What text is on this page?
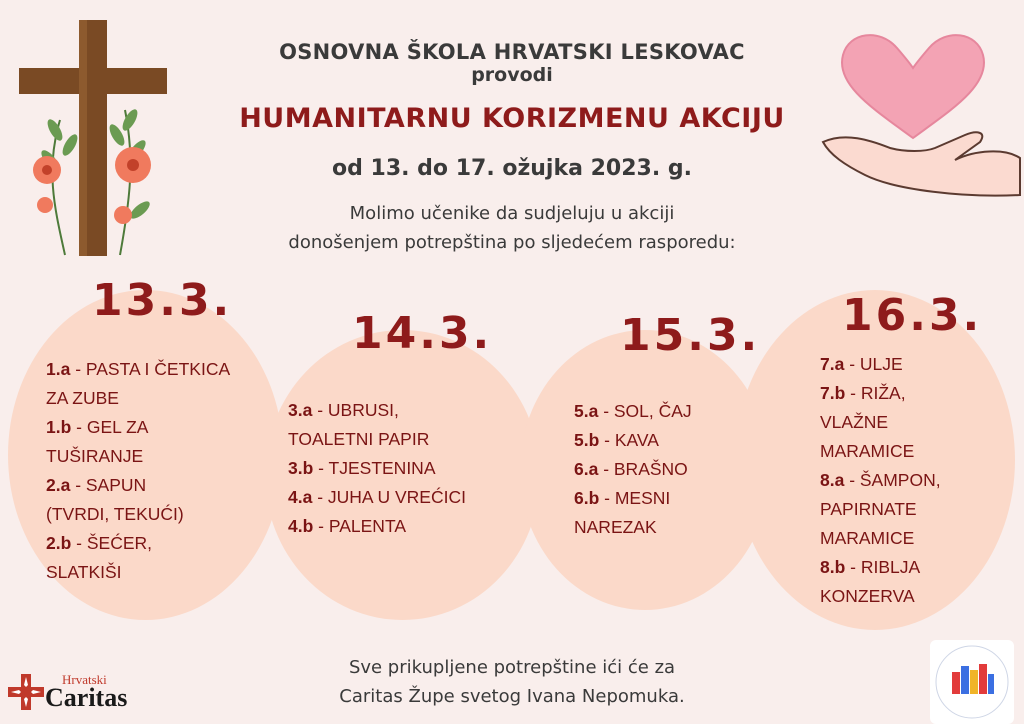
OSNOVNA ŠKOLA HRVATSKI LESKOVAC
provodi
HUMANITARNU KORIZMENU AKCIJU
od 13. do 17. ožujka 2023. g.
Molimo učenike da sudjeluju u akciji
donošenjem potrepština po sljedećem rasporedu:
13.3.
1.a - PASTA I ČETKICA
ZA ZUBE
1.b - GEL ZA
TUŠIRANJE
2.a - SAPUN
(TVRDI, TEKUĆI)
2.b - ŠEĆER,
SLATKIŠI
14.3.
3.a - UBRUSI,
TOALETNI PAPIR
3.b - TJESTENINA
4.a - JUHA U VREĆICI
4.b - PALENTA
15.3.
5.a - SOL, ČAJ
5.b - KAVA
6.a - BRAŠNO
6.b - MESNI
NAREZAK
16.3.
7.a - ULJE
7.b - RIŽA,
VLAŽNE
MARAMICE
8.a - ŠAMPON,
PAPIRNATE
MARAMICE
8.b - RIBLJA
KONZERVA
Sve prikupljene potrepštine ići će za
Caritas Župe svetog Ivana Nepomuka.
Hrvatski
Caritas
